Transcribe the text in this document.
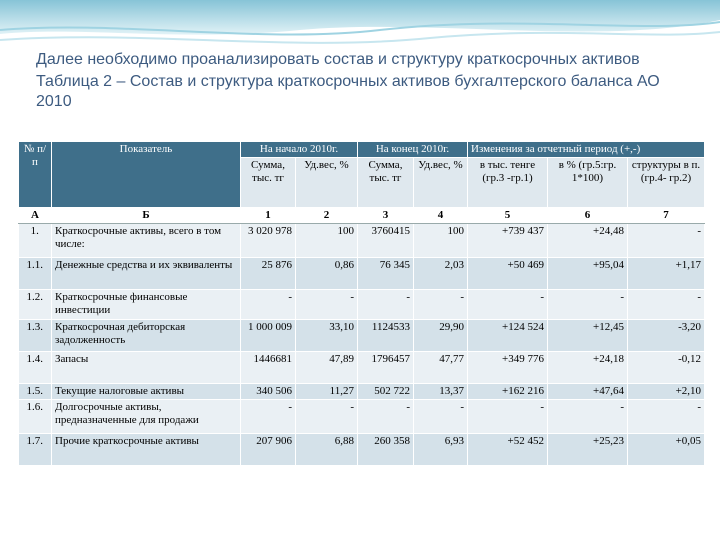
Далее необходимо проанализировать состав и структуру краткосрочных активов
Таблица 2 – Состав и структура краткосрочных активов бухгалтерского баланса АО 2010
№ п/п	Показатель	На начало 2010г.		На конец 2010г.		Изменения за отчетный период (+,-)		
		Сумма, тыс. тг	Уд.вес, %	Сумма, тыс. тг	Уд.вес, %	в тыс. тенге (гр.3 -гр.1)	в % (гр.5:гр. 1*100)	структуры в п. (гр.4- гр.2)
А	Б	1	2	3	4	5	6	7
1.	Краткосрочные активы, всего в том числе:	3 020 978	100	3760415	100	+739 437	+24,48	-
1.1.	Денежные средства и их эквиваленты	25 876	0,86	76 345	2,03	+50 469	+95,04	+1,17
1.2.	Краткосрочные финансовые инвестиции	-	-	-	-	-	-	-
1.3.	Краткосрочная дебиторская задолженность	1 000 009	33,10	1124533	29,90	+124 524	+12,45	-3,20
1.4.	Запасы	1446681	47,89	1796457	47,77	+349 776	+24,18	-0,12
1.5.	Текущие налоговые активы	340 506	11,27	502 722	13,37	+162 216	+47,64	+2,10
1.6.	Долгосрочные активы, предназначенные для продажи	-	-	-	-	-	-	-
1.7.	Прочие краткосрочные активы	207 906	6,88	260 358	6,93	+52 452	+25,23	+0,05
